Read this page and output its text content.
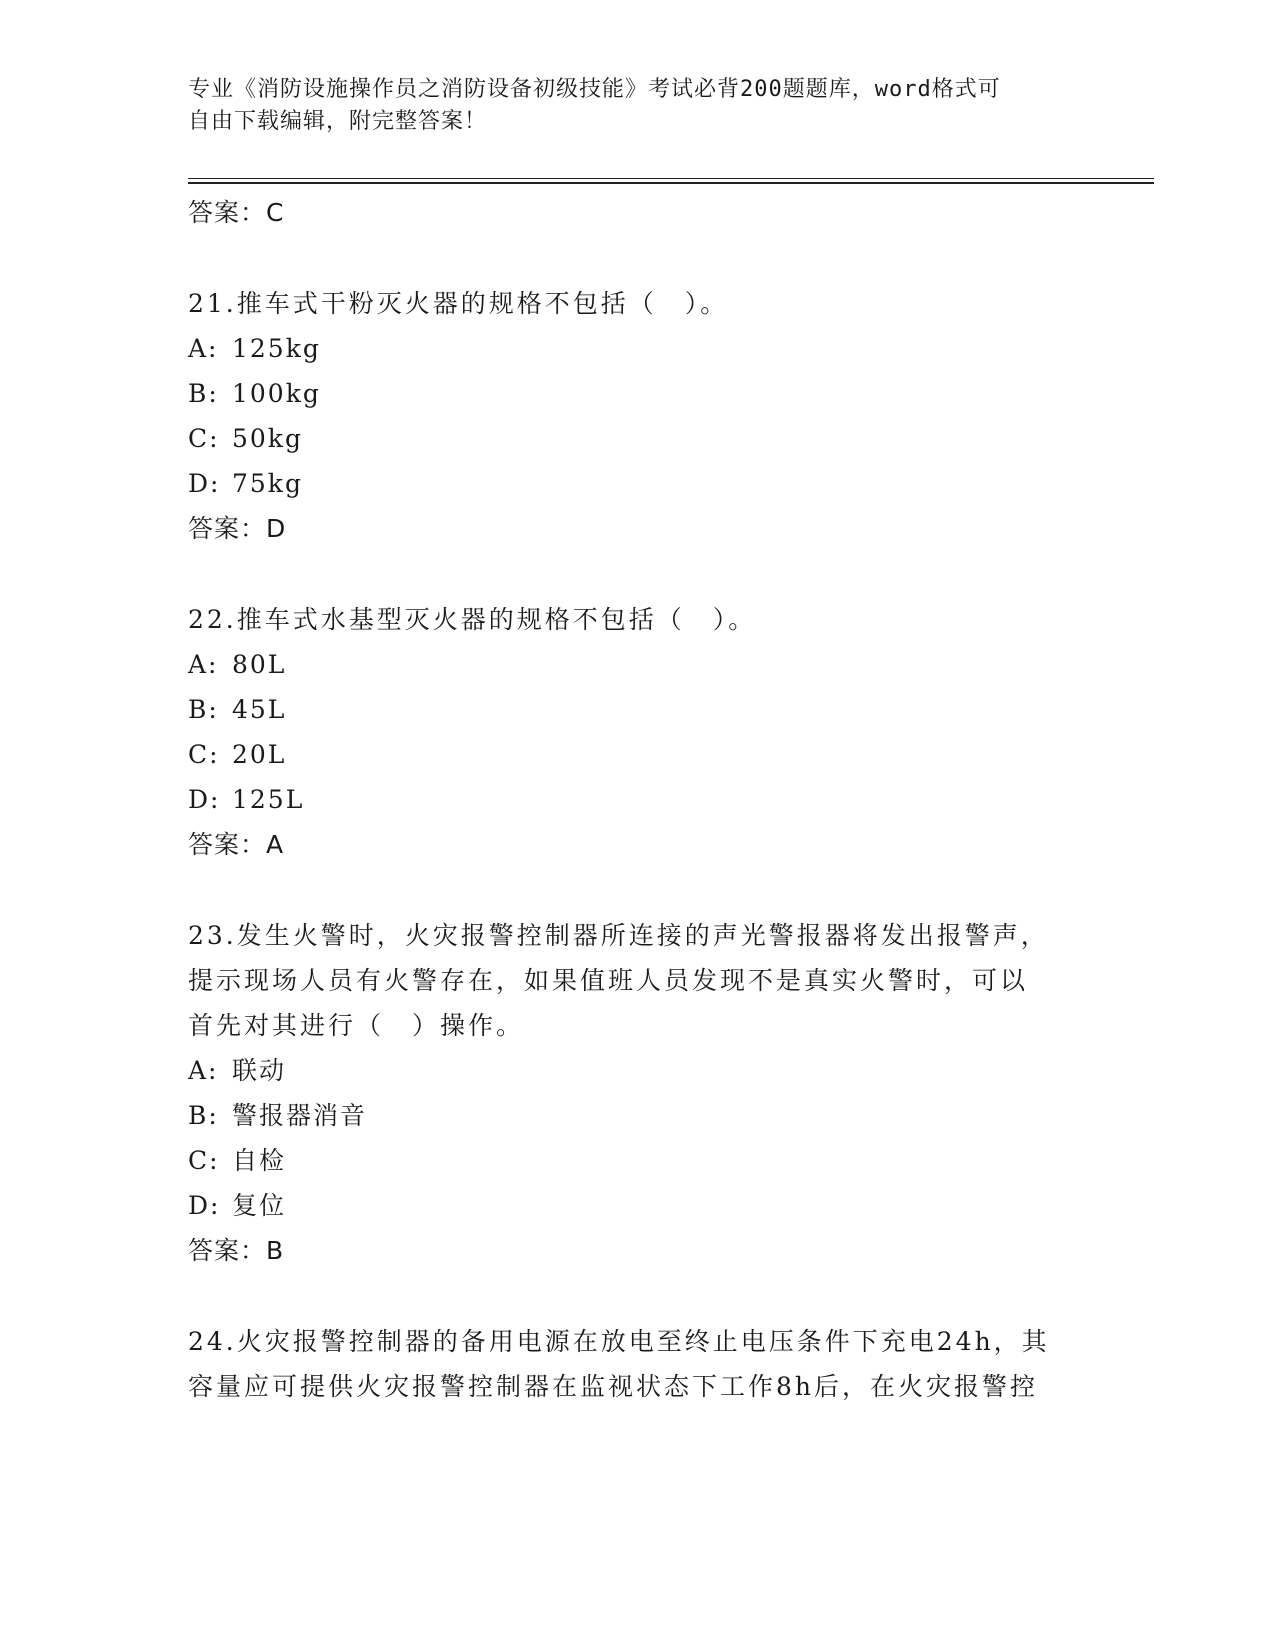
专业《消防设施操作员之消防设备初级技能》考试必背200题题库，word格式可
自由下载编辑，附完整答案！
答案：C
21.推车式干粉灭火器的规格不包括（　）。
A: 125kg
B: 100kg
C: 50kg
D: 75kg
答案：D
22.推车式水基型灭火器的规格不包括（　）。
A: 80L
B: 45L
C: 20L
D: 125L
答案：A
23.发生火警时，火灾报警控制器所连接的声光警报器将发出报警声，
提示现场人员有火警存在，如果值班人员发现不是真实火警时，可以
首先对其进行（　）操作。
A: 联动
B: 警报器消音
C: 自检
D: 复位
答案：B
24.火灾报警控制器的备用电源在放电至终止电压条件下充电24h，其
容量应可提供火灾报警控制器在监视状态下工作8h后，在火灾报警控
